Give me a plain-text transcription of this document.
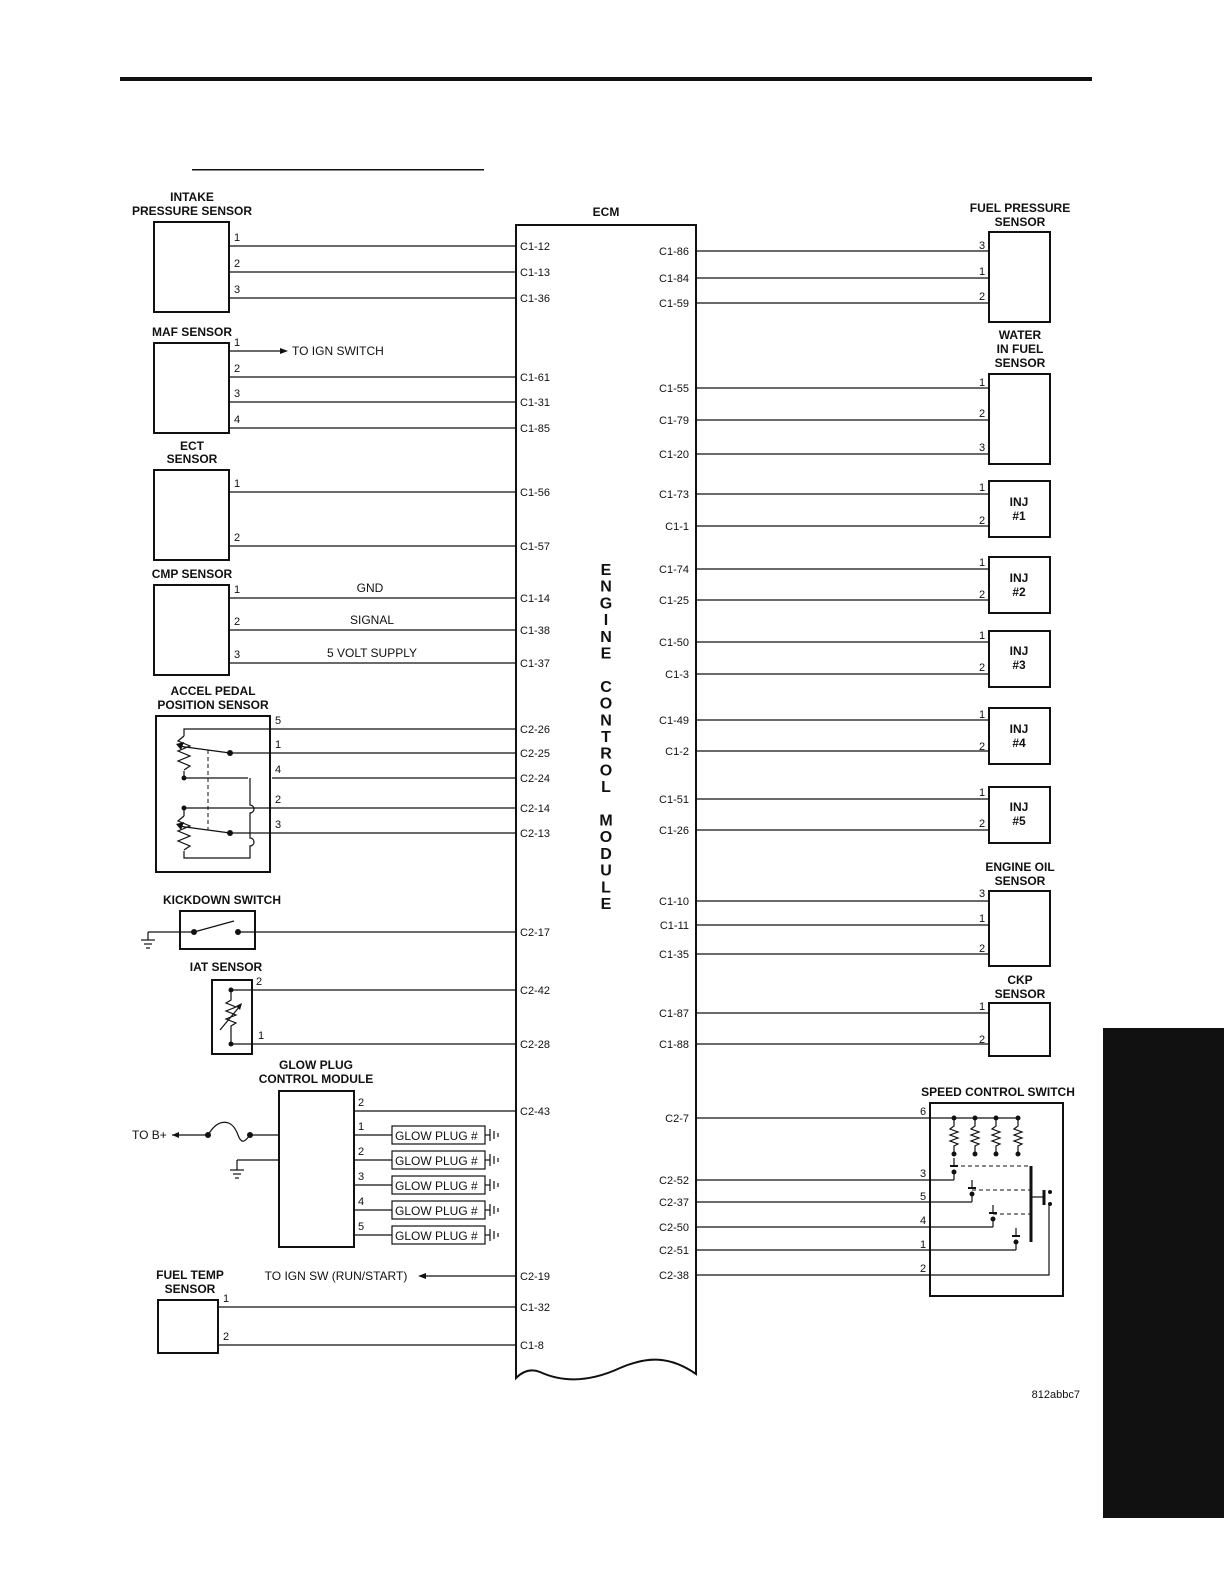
ECM
E
N
G
I
N
E
C
O
N
T
R
O
L
M
O
D
U
L
E
INTAKE
PRESSURE SENSOR
MAF SENSOR
ECT
SENSOR
CMP SENSOR
ACCEL PEDAL
POSITION SENSOR
KICKDOWN SWITCH
IAT SENSOR
GLOW PLUG
CONTROL MODULE
TO B+
1
GLOW PLUG #
2
GLOW PLUG #
3
GLOW PLUG #
4
GLOW PLUG #
5
GLOW PLUG #
FUEL TEMP
SENSOR
FUEL PRESSURE
SENSOR
WATER
IN FUEL
SENSOR
INJ
#1
INJ
#2
INJ
#3
INJ
#4
INJ
#5
ENGINE OIL
SENSOR
CKP
SENSOR
SPEED CONTROL SWITCH
1
C1-12
2
C1-13
3
C1-36
TO IGN SWITCH
1
2
C1-61
3
C1-31
4
C1-85
1
C1-56
2
C1-57
GND
1
C1-14
SIGNAL
2
C1-38
5 VOLT SUPPLY
3
C1-37
5
C2-26
1
C2-25
4
C2-24
2
C2-14
3
C2-13
C2-17
2
C2-42
1
C2-28
2
C2-43
TO IGN SW (RUN/START)	C2-19
1
C1-32
2
C1-8
C1-86	3
C1-84
1
C1-59
2
C1-55	1
C1-79
2
C1-20
3
C1-73
1
C1-1	2
C1-74
1
C1-25	2
C1-50
1
C1-3
2
C1-49	1
C1-2	2
C1-51
1
C1-26
2
C1-10
3
C1-11
1
C1-35	2
C1-87
1
C1-88	2
C2-7
6
C2-52
3
C2-37	5
C2-50
4
C2-51	1
C2-38
2
812abbc7
